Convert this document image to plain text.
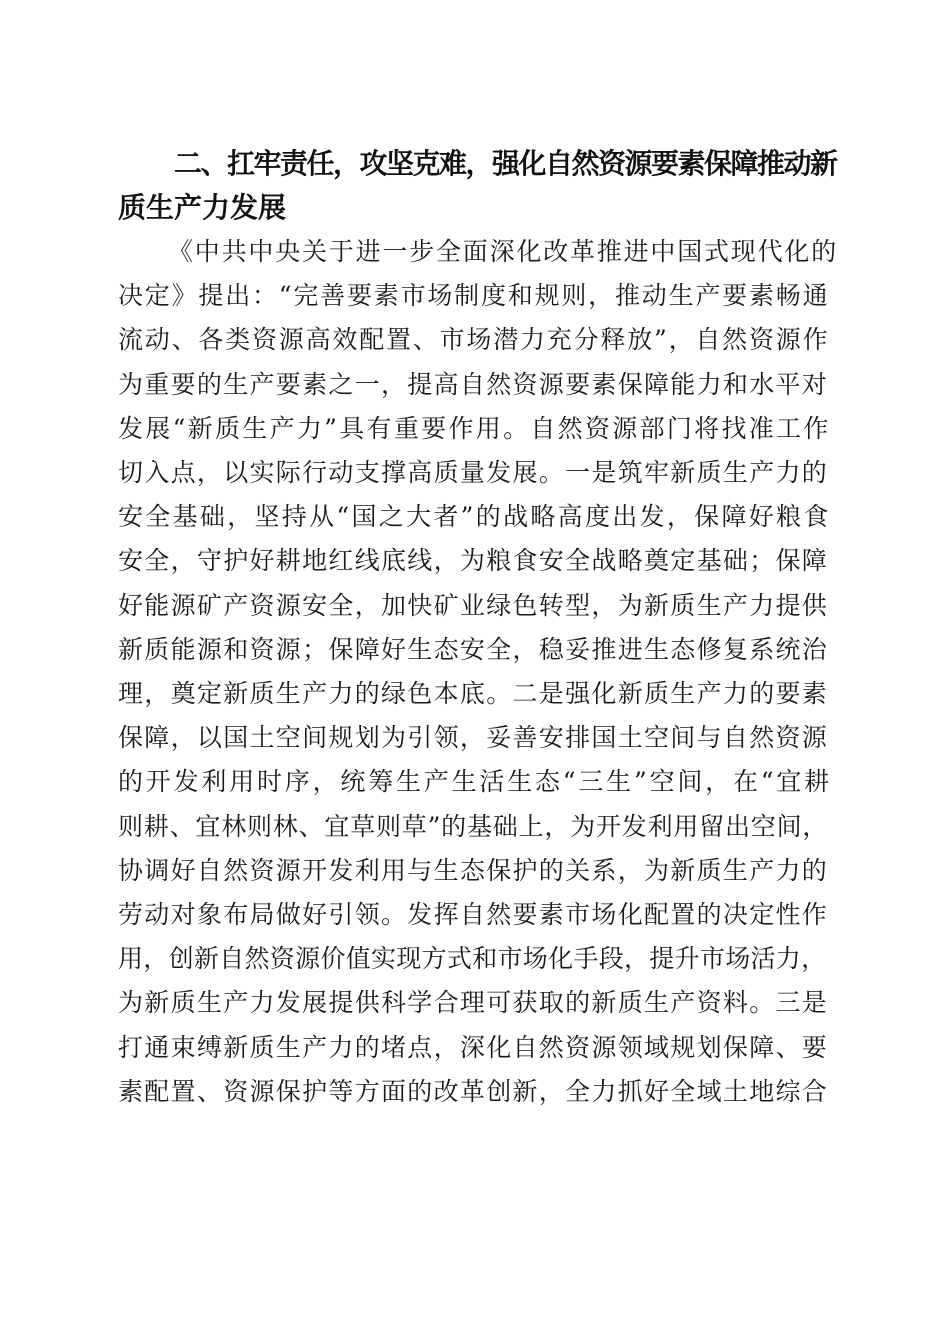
二、扛牢责任，攻坚克难，强化自然资源要素保障推动新
质生产力发展
《中共中央关于进一步全面深化改革推进中国式现代化的
决定》提出：“完善要素市场制度和规则，推动生产要素畅通
流动、各类资源高效配置、市场潜力充分释放”，自然资源作
为重要的生产要素之一，提高自然资源要素保障能力和水平对
发展“新质生产力”具有重要作用。自然资源部门将找准工作
切入点，以实际行动支撑高质量发展。一是筑牢新质生产力的
安全基础，坚持从“国之大者”的战略高度出发，保障好粮食
安全，守护好耕地红线底线，为粮食安全战略奠定基础；保障
好能源矿产资源安全，加快矿业绿色转型，为新质生产力提供
新质能源和资源；保障好生态安全，稳妥推进生态修复系统治
理，奠定新质生产力的绿色本底。二是强化新质生产力的要素
保障，以国土空间规划为引领，妥善安排国土空间与自然资源
的开发利用时序，统筹生产生活生态“三生”空间，在“宜耕
则耕、宜林则林、宜草则草”的基础上，为开发利用留出空间，
协调好自然资源开发利用与生态保护的关系，为新质生产力的
劳动对象布局做好引领。发挥自然要素市场化配置的决定性作
用，创新自然资源价值实现方式和市场化手段，提升市场活力，
为新质生产力发展提供科学合理可获取的新质生产资料。三是
打通束缚新质生产力的堵点，深化自然资源领域规划保障、要
素配置、资源保护等方面的改革创新，全力抓好全域土地综合
